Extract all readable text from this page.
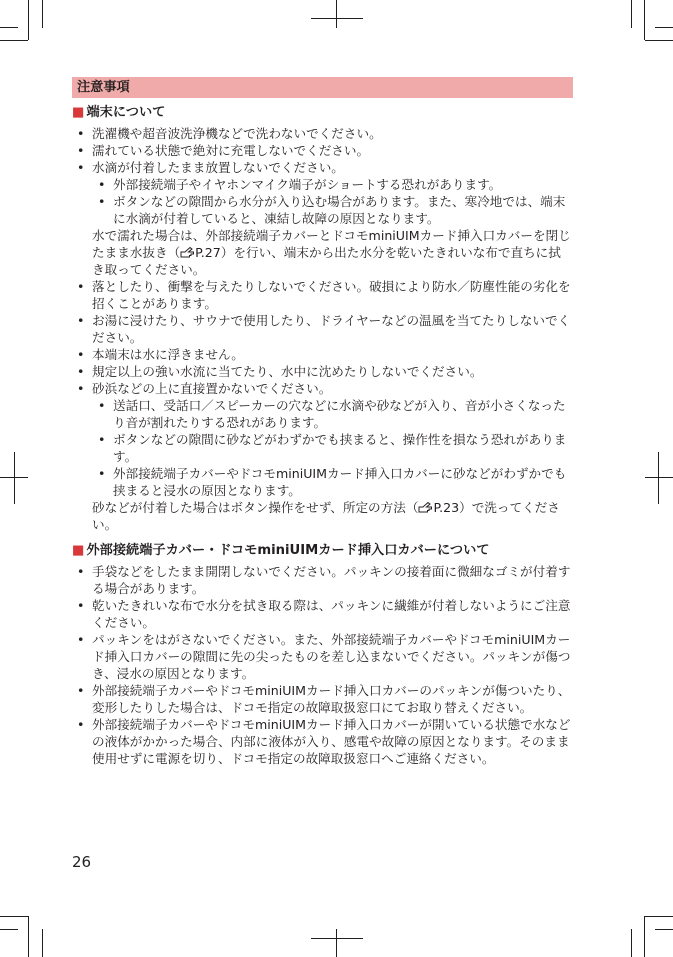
注意事項
■ 端末について
• 洗濯機や超音波洗浄機などで洗わないでください。
• 濡れている状態で絶対に充電しないでください。
• 水滴が付着したまま放置しないでください。
• 外部接続端子やイヤホンマイク端子がショートする恐れがあります。
• ボタンなどの隙間から水分が入り込む場合があります。また、寒冷地では、端末に水滴が付着していると、凍結し故障の原因となります。
水で濡れた場合は、外部接続端子カバーとドコモminiUIMカード挿入口カバーを閉じたまま水抜き（ P.27）を行い、端末から出た水分を乾いたきれいな布で直ちに拭き取ってください。
• 落としたり、衝撃を与えたりしないでください。破損により防水／防塵性能の劣化を招くことがあります。
• お湯に浸けたり、サウナで使用したり、ドライヤーなどの温風を当てたりしないでください。
• 本端末は水に浮きません。
• 規定以上の強い水流に当てたり、水中に沈めたりしないでください。
• 砂浜などの上に直接置かないでください。
• 送話口、受話口／スピーカーの穴などに水滴や砂などが入り、音が小さくなったり音が割れたりする恐れがあります。
• ボタンなどの隙間に砂などがわずかでも挟まると、操作性を損なう恐れがあります。
• 外部接続端子カバーやドコモminiUIMカード挿入口カバーに砂などがわずかでも挟まると浸水の原因となります。
砂などが付着した場合はボタン操作をせず、所定の方法（ P.23）で洗ってください。
■ 外部接続端子カバー・ドコモminiUIMカード挿入口カバーについて
• 手袋などをしたまま開閉しないでください。パッキンの接着面に微細なゴミが付着する場合があります。
• 乾いたきれいな布で水分を拭き取る際は、パッキンに繊維が付着しないようにご注意ください。
• パッキンをはがさないでください。また、外部接続端子カバーやドコモminiUIMカード挿入口カバーの隙間に先の尖ったものを差し込まないでください。パッキンが傷つき、浸水の原因となります。
• 外部接続端子カバーやドコモminiUIMカード挿入口カバーのパッキンが傷ついたり、変形したりした場合は、ドコモ指定の故障取扱窓口にてお取り替えください。
• 外部接続端子カバーやドコモminiUIMカード挿入口カバーが開いている状態で水などの液体がかかった場合、内部に液体が入り、感電や故障の原因となります。そのまま使用せずに電源を切り、ドコモ指定の故障取扱窓口へご連絡ください。
26
